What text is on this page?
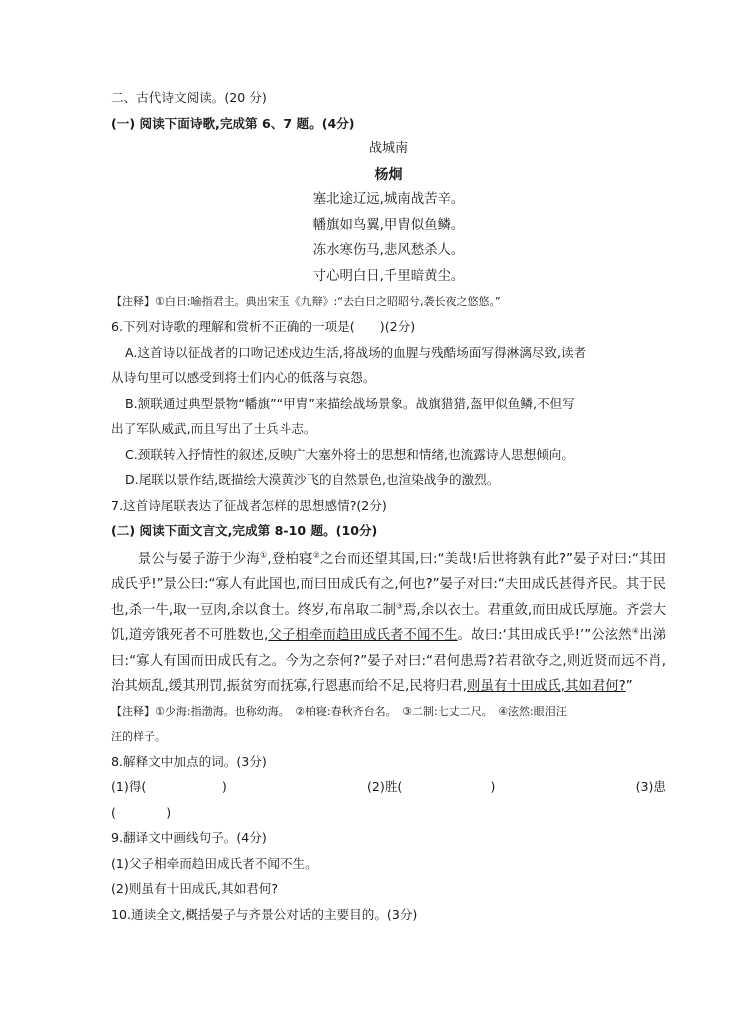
二、古代诗文阅读。(20 分)
(一) 阅读下面诗歌,完成第 6、7 题。(4分)
战城南
杨炯
塞北途辽远,城南战苦辛。
幡旗如鸟翼,甲胄似鱼鳞。
冻水寒伤马,悲风愁杀人。
寸心明白日,千里暗黄尘。
【注释】①白日:喻指君主。典出宋玉《九辩》:“去白日之昭昭兮,袭长夜之悠悠。”
6.下列对诗歌的理解和赏析不正确的一项是(　　)(2分)
A.这首诗以征战者的口吻记述戍边生活,将战场的血腥与残酷场面写得淋漓尽致,读者
从诗句里可以感受到将士们内心的低落与哀怨。
B.颔联通过典型景物“幡旗”“甲胄”来描绘战场景象。战旗猎猎,盔甲似鱼鳞,不但写
出了军队威武,而且写出了士兵斗志。
C.颈联转入抒情性的叙述,反映广大塞外将士的思想和情绪,也流露诗人思想倾向。
D.尾联以景作结,既描绘大漠黄沙飞的自然景色,也渲染战争的激烈。
7.这首诗尾联表达了征战者怎样的思想感情?(2分)
(二) 阅读下面文言文,完成第 8-10 题。(10分)
景公与晏子游于少海①,登柏寝②之台而还望其国,曰:“美哉!后世将孰有此?”晏子对曰:“其田成氏乎!”景公曰:“寡人有此国也,而曰田成氏有之,何也?”晏子对曰:“夫田成氏甚得齐民。其于民也,杀一牛,取一豆肉,余以食士。终岁,布帛取二制③焉,余以衣士。君重敛,而田成氏厚施。齐尝大饥,道旁饿死者不可胜数也,父子相牵而趋田成氏者不闻不生。故曰:‘其田成氏乎!’”公泫然④出涕曰:“寡人有国而田成氏有之。今为之奈何?”晏子对曰:“君何患焉?若君欲夺之,则近贤而远不肖,治其烦乱,缓其刑罚,振贫穷而抚寡,行恩惠而给不足,民将归君,则虽有十田成氏,其如君何?”
【注释】①少海:指渤海。也称幼海。　②柏寝:春秋齐台名。　③二制:七丈二尺。　④泫然:眼泪汪
汪的样子。
8.解释文中加点的词。(3分)
(1)得(　　　　　　)	(2)胜(　　　　　　　)	(3)患
(　　　　)
9.翻译文中画线句子。(4分)
(1)父子相牵而趋田成氏者不闻不生。
(2)则虽有十田成氏,其如君何?
10.通读全文,概括晏子与齐景公对话的主要目的。(3分)
